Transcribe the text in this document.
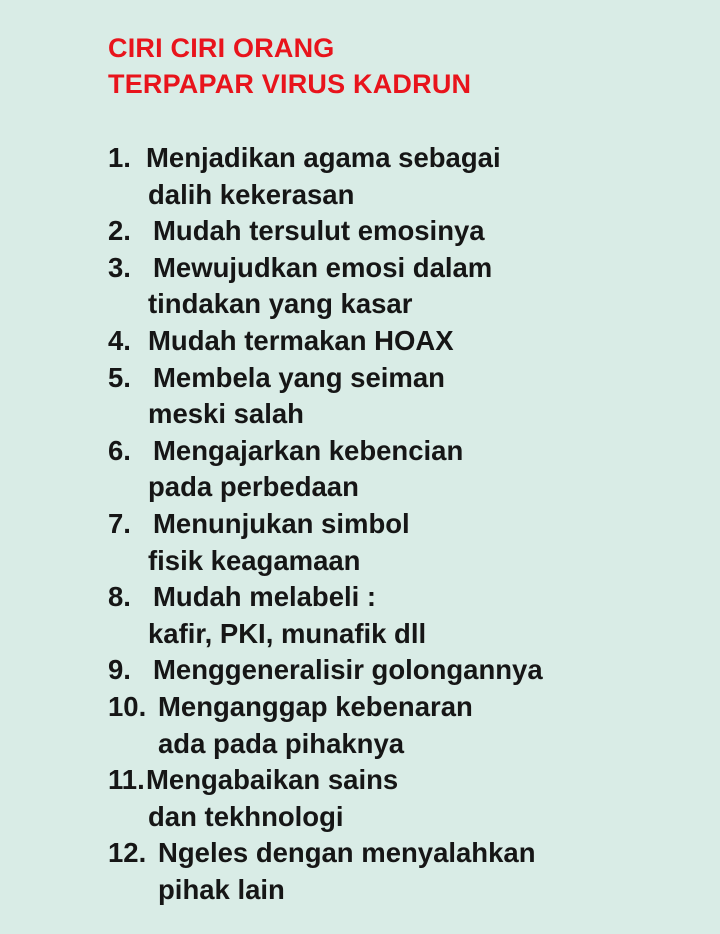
CIRI CIRI ORANG
TERPAPAR VIRUS KADRUN
1. Menjadikan agama sebagai
dalih kekerasan
2. Mudah tersulut emosinya
3. Mewujudkan emosi dalam
tindakan yang kasar
4. Mudah termakan HOAX
5. Membela yang seiman
meski salah
6. Mengajarkan kebencian
pada perbedaan
7. Menunjukan simbol
fisik keagamaan
8. Mudah melabeli :
kafir, PKI, munafik dll
9. Menggeneralisir golongannya
10. Menganggap kebenaran
ada pada pihaknya
11.Mengabaikan sains
dan tekhnologi
12. Ngeles dengan menyalahkan
pihak lain
